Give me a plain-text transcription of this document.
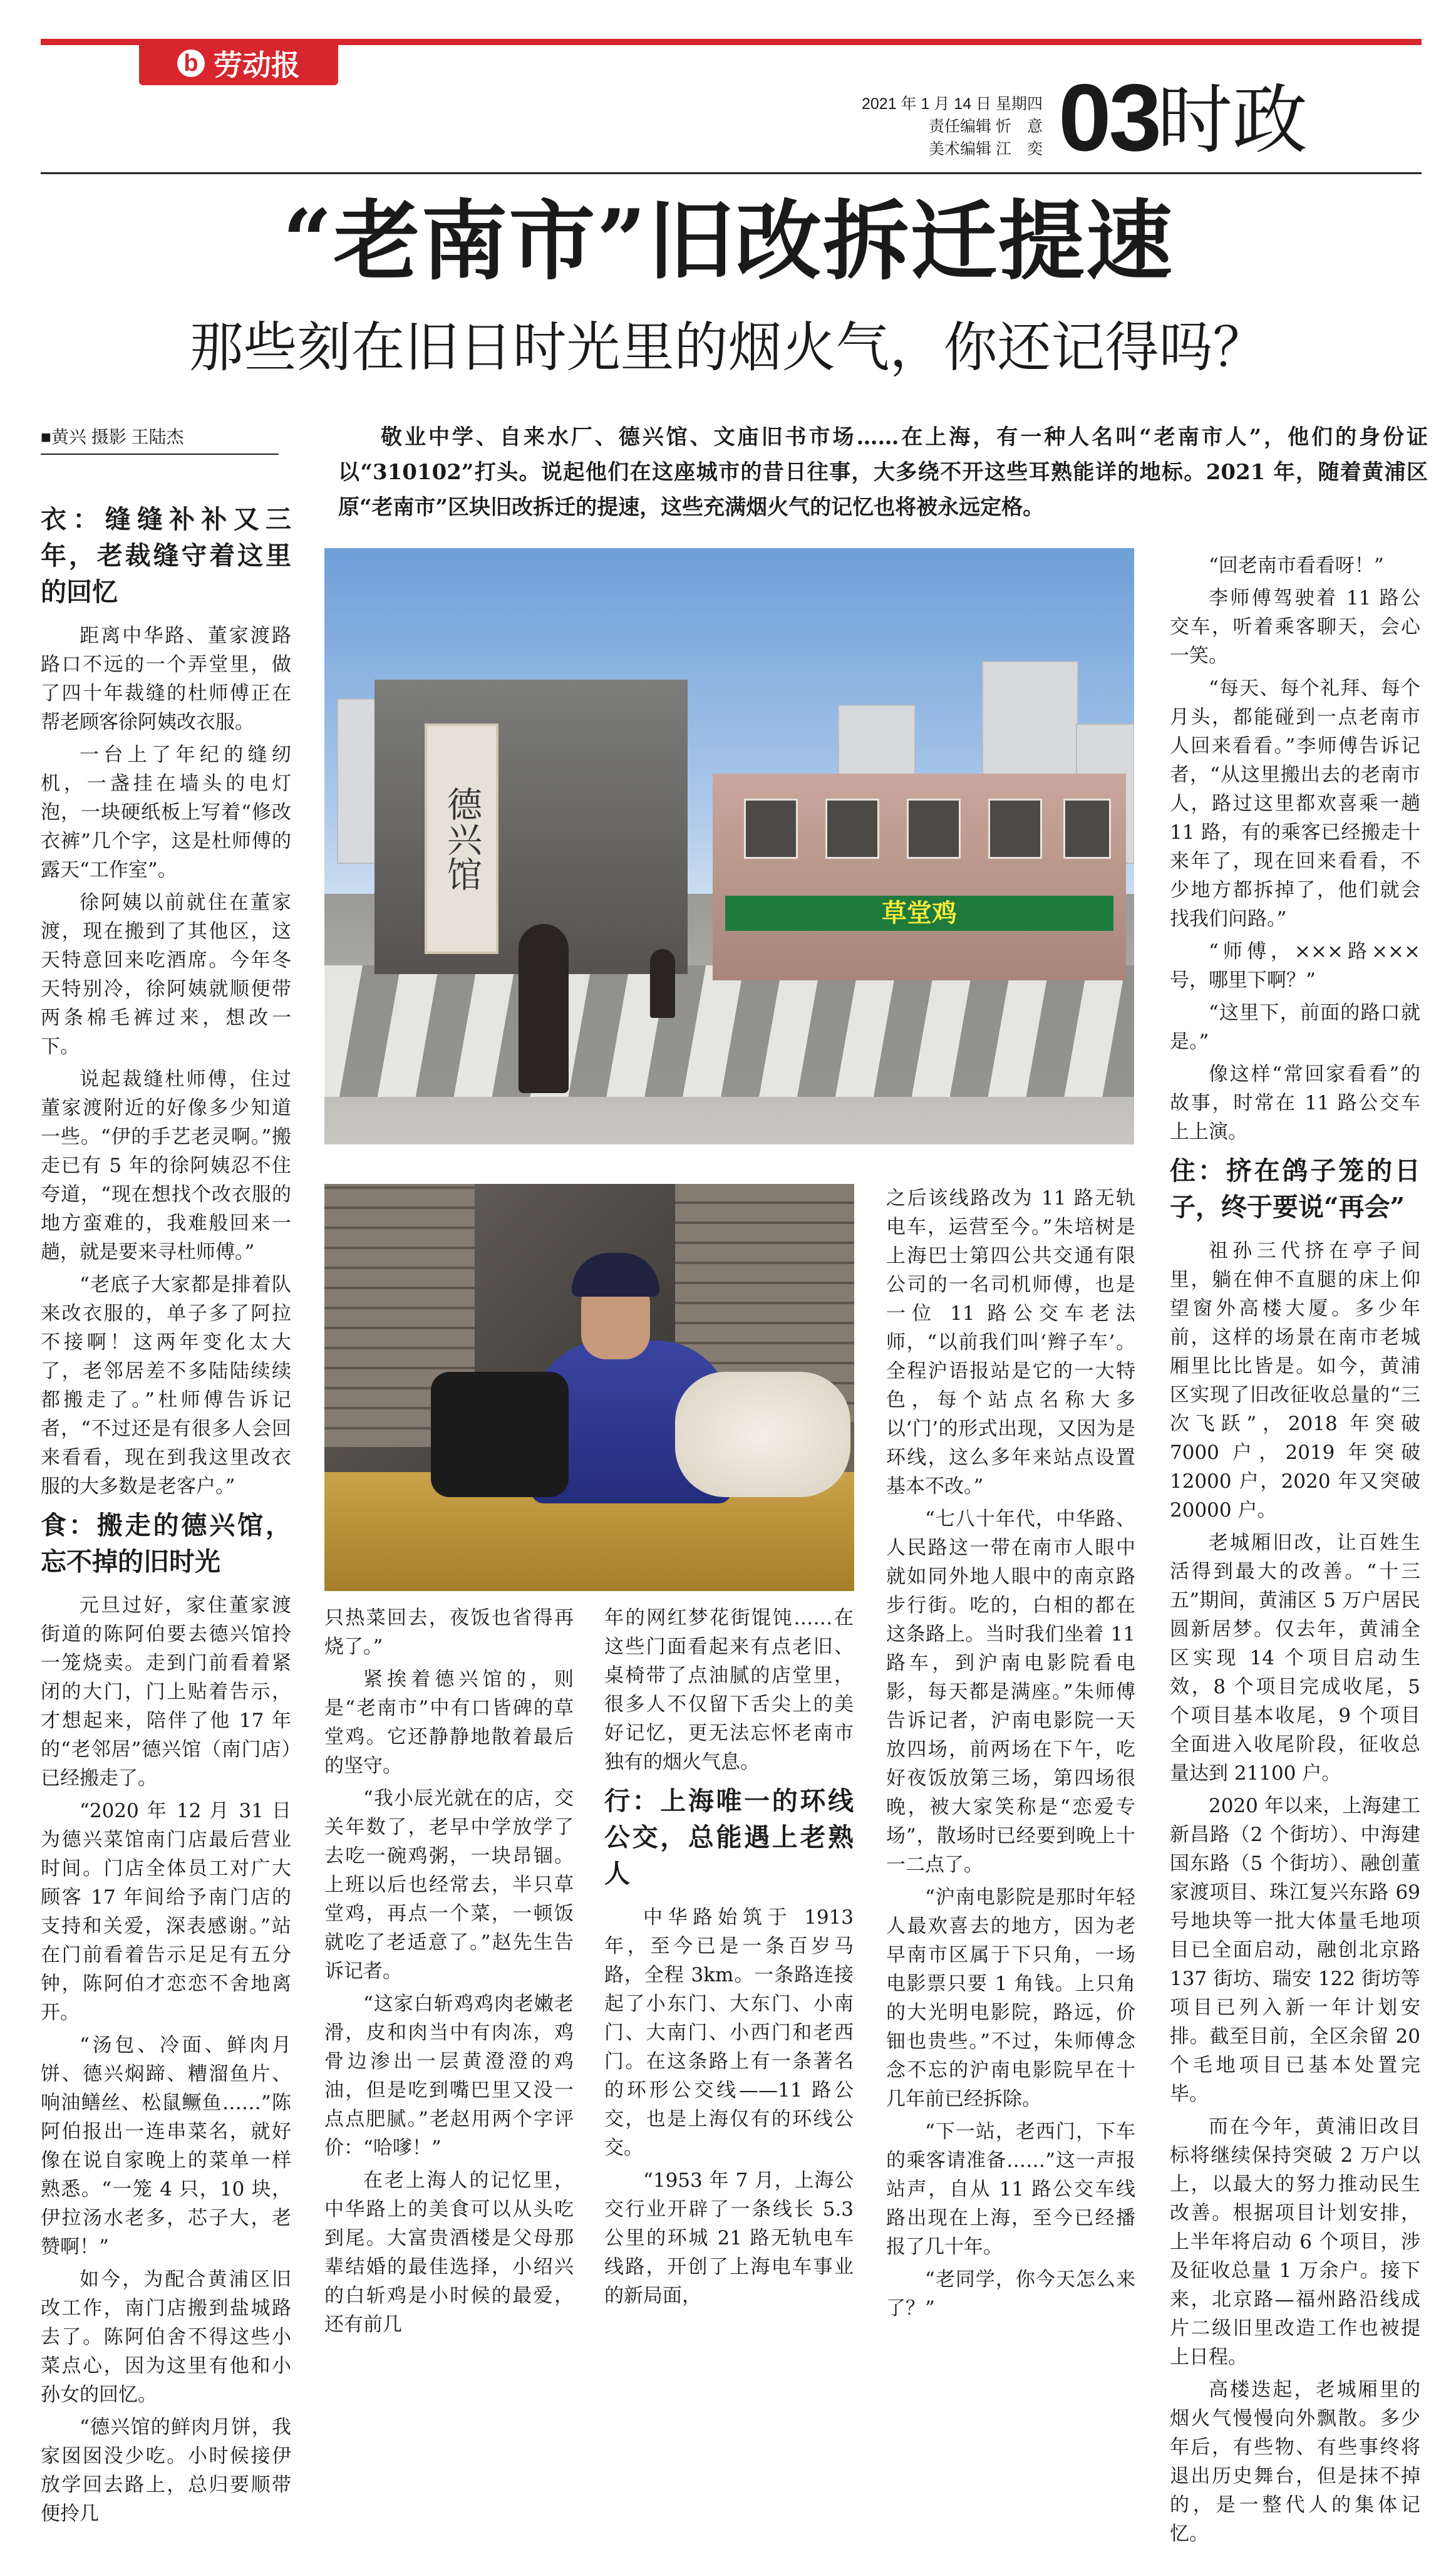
b 劳动报
2021 年 1 月 14 日 星期四
责任编辑 忻　意
美术编辑 江　奕 03
时政
“老南市”旧改拆迁提速
那些刻在旧日时光里的烟火气，你还记得吗？
■黄兴 摄影 王陆杰	敬业中学、自来水厂、德兴馆、文庙旧书市场……在上海，有一种人名叫“老南市人”，他们的身份证以“310102”打头。说起他们在这座城市的昔日往事，大多绕不开这些耳熟能详的地标。2021 年，随着黄浦区原“老南市”区块旧改拆迁的提速，这些充满烟火气的记忆也将被永远定格。
德兴馆
草堂鸡
衣：缝缝补补又三年，老裁缝守着这里的回忆

距离中华路、董家渡路路口不远的一个弄堂里，做了四十年裁缝的杜师傅正在帮老顾客徐阿姨改衣服。

一台上了年纪的缝纫机，一盏挂在墙头的电灯泡，一块硬纸板上写着“修改衣裤”几个字，这是杜师傅的露天“工作室”。

徐阿姨以前就住在董家渡，现在搬到了其他区，这天特意回来吃酒席。今年冬天特别冷，徐阿姨就顺便带两条棉毛裤过来，想改一下。

说起裁缝杜师傅，住过董家渡附近的好像多少知道一些。“伊的手艺老灵啊。”搬走已有 5 年的徐阿姨忍不住夸道，“现在想找个改衣服的地方蛮难的，我难般回来一趟，就是要来寻杜师傅。”

“老底子大家都是排着队来改衣服的，单子多了阿拉不接啊！这两年变化太大了，老邻居差不多陆陆续续都搬走了。”杜师傅告诉记者，“不过还是有很多人会回来看看，现在到我这里改衣服的大多数是老客户。”

食：搬走的德兴馆，忘不掉的旧时光

元旦过好，家住董家渡街道的陈阿伯要去德兴馆拎一笼烧卖。走到门前看着紧闭的大门，门上贴着告示，才想起来，陪伴了他 17 年的“老邻居”德兴馆（南门店）已经搬走了。

“2020 年 12 月 31 日为德兴菜馆南门店最后营业时间。门店全体员工对广大顾客 17 年间给予南门店的支持和关爱，深表感谢。”站在门前看着告示足足有五分钟，陈阿伯才恋恋不舍地离开。

“汤包、冷面、鲜肉月饼、德兴焖蹄、糟溜鱼片、响油鳝丝、松鼠鳜鱼……”陈阿伯报出一连串菜名，就好像在说自家晚上的菜单一样熟悉。“一笼 4 只，10 块，伊拉汤水老多，芯子大，老赞啊！”

如今，为配合黄浦区旧改工作，南门店搬到盐城路去了。陈阿伯舍不得这些小菜点心，因为这里有他和小孙女的回忆。

“德兴馆的鲜肉月饼，我家囡囡没少吃。小时候接伊放学回去路上，总归要顺带便拎几

只热菜回去，夜饭也省得再烧了。”

紧挨着德兴馆的，则是“老南市”中有口皆碑的草堂鸡。它还静静地散着最后的坚守。

“我小辰光就在的店，交关年数了，老早中学放学了去吃一碗鸡粥，一块昂锢。上班以后也经常去，半只草堂鸡，再点一个菜，一顿饭就吃了老适意了。”赵先生告诉记者。

“这家白斩鸡鸡肉老嫩老滑，皮和肉当中有肉冻，鸡骨边渗出一层黄澄澄的鸡油，但是吃到嘴巴里又没一点点肥腻。”老赵用两个字评价：“哈嗲！”

在老上海人的记忆里，中华路上的美食可以从头吃到尾。大富贵酒楼是父母那辈结婚的最佳选择，小绍兴的白斩鸡是小时候的最爱，还有前几

年的网红梦花街馄饨……在这些门面看起来有点老旧、桌椅带了点油腻的店堂里，很多人不仅留下舌尖上的美好记忆，更无法忘怀老南市独有的烟火气息。

行：上海唯一的环线公交，总能遇上老熟人

中华路始筑于 1913 年，至今已是一条百岁马路，全程 3km。一条路连接起了小东门、大东门、小南门、大南门、小西门和老西门。在这条路上有一条著名的环形公交线——11 路公交，也是上海仅有的环线公交。

“1953 年 7 月，上海公交行业开辟了一条线长 5.3 公里的环城 21 路无轨电车线路，开创了上海电车事业的新局面，

之后该线路改为 11 路无轨电车，运营至今。”朱培树是上海巴士第四公共交通有限公司的一名司机师傅，也是一位 11 路公交车老法师，“以前我们叫‘辫子车’。全程沪语报站是它的一大特色，每个站点名称大多以‘门’的形式出现，又因为是环线，这么多年来站点设置基本不改。”

“七八十年代，中华路、人民路这一带在南市人眼中就如同外地人眼中的南京路步行街。吃的，白相的都在这条路上。当时我们坐着 11 路车，到沪南电影院看电影，每天都是满座。”朱师傅告诉记者，沪南电影院一天放四场，前两场在下午，吃好夜饭放第三场，第四场很晚，被大家笑称是“恋爱专场”，散场时已经要到晚上十一二点了。

“沪南电影院是那时年轻人最欢喜去的地方，因为老早南市区属于下只角，一场电影票只要 1 角钱。上只角的大光明电影院，路远，价钿也贵些。”不过，朱师傅念念不忘的沪南电影院早在十几年前已经拆除。

“下一站，老西门，下车的乘客请准备……”这一声报站声，自从 11 路公交车线路出现在上海，至今已经播报了几十年。

“老同学，你今天怎么来了？”

“回老南市看看呀！”

李师傅驾驶着 11 路公交车，听着乘客聊天，会心一笑。

“每天、每个礼拜、每个月头，都能碰到一点老南市人回来看看。”李师傅告诉记者，“从这里搬出去的老南市人，路过这里都欢喜乘一趟 11 路，有的乘客已经搬走十来年了，现在回来看看，不少地方都拆掉了，他们就会找我们问路。”

“师傅，×××路×××号，哪里下啊？”

“这里下，前面的路口就是。”

像这样“常回家看看”的故事，时常在 11 路公交车上上演。

住：挤在鸽子笼的日子，终于要说“再会”

祖孙三代挤在亭子间里，躺在伸不直腿的床上仰望窗外高楼大厦。多少年前，这样的场景在南市老城厢里比比皆是。如今，黄浦区实现了旧改征收总量的“三次飞跃”，2018 年突破 7000 户，2019 年突破 12000 户，2020 年又突破 20000 户。

老城厢旧改，让百姓生活得到最大的改善。“十三五”期间，黄浦区 5 万户居民圆新居梦。仅去年，黄浦全区实现 14 个项目启动生效，8 个项目完成收尾，5 个项目基本收尾，9 个项目全面进入收尾阶段，征收总量达到 21100 户。

2020 年以来，上海建工新昌路（2 个街坊）、中海建国东路（5 个街坊）、融创董家渡项目、珠江复兴东路 69 号地块等一批大体量毛地项目已全面启动，融创北京路 137 街坊、瑞安 122 街坊等项目已列入新一年计划安排。截至目前，全区余留 20 个毛地项目已基本处置完毕。

而在今年，黄浦旧改目标将继续保持突破 2 万户以上，以最大的努力推动民生改善。根据项目计划安排，上半年将启动 6 个项目，涉及征收总量 1 万余户。接下来，北京路—福州路沿线成片二级旧里改造工作也被提上日程。

高楼迭起，老城厢里的烟火气慢慢向外飘散。多少年后，有些物、有些事终将退出历史舞台，但是抹不掉的，是一整代人的集体记忆。
